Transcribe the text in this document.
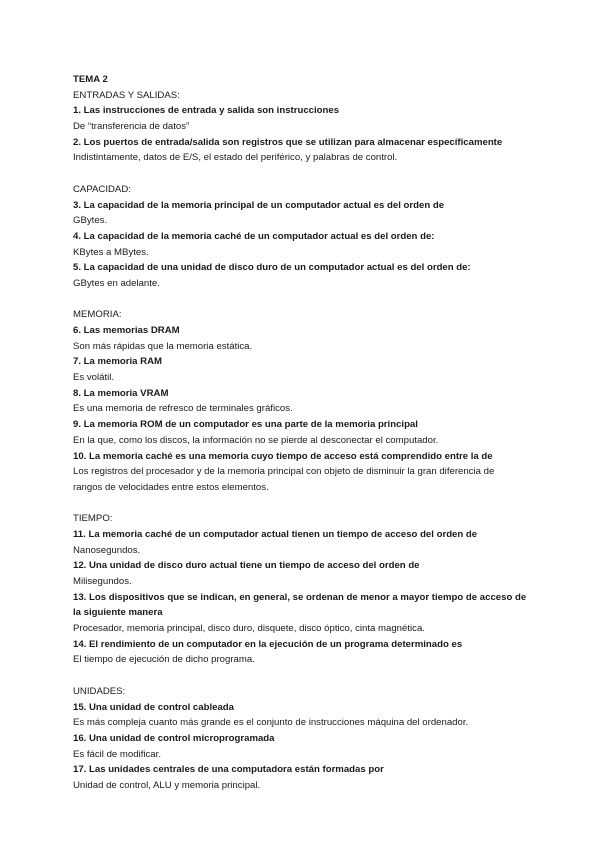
TEMA 2
ENTRADAS Y SALIDAS:
1. Las instrucciones de entrada y salida son instrucciones
De “transferencia de datos”
2. Los puertos de entrada/salida son registros que se utilizan para almacenar específicamente
Indistintamente, datos de E/S, el estado del periférico, y palabras de control.
CAPACIDAD:
3. La capacidad de la memoria principal de un computador actual es del orden de
GBytes.
4. La capacidad de la memoria caché de un computador actual es del orden de:
KBytes a MBytes.
5. La capacidad de una unidad de disco duro de un computador actual es del orden de:
GBytes en adelante.
MEMORIA:
6. Las memorias DRAM
Son más rápidas que la memoria estática.
7. La memoria RAM
Es volátil.
8. La memoria VRAM
Es una memoria de refresco de terminales gráficos.
9. La memoria ROM de un computador es una parte de la memoria principal
En la que, como los discos, la información no se pierde al desconectar el computador.
10. La memoria caché es una memoria cuyo tiempo de acceso está comprendido entre la de
Los registros del procesador y de la memoria principal con objeto de disminuir la gran diferencia de
rangos de velocidades entre estos elementos.
TIEMPO:
11. La memoria caché de un computador actual tienen un tiempo de acceso del orden de
Nanosegundos.
12. Una unidad de disco duro actual tiene un tiempo de acceso del orden de
Milisegundos.
13. Los dispositivos que se indican, en general, se ordenan de menor a mayor tiempo de acceso de
la siguiente manera
Procesador, memoria principal, disco duro, disquete, disco óptico, cinta magnética.
14. El rendimiento de un computador en la ejecución de un programa determinado es
El tiempo de ejecución de dicho programa.
UNIDADES:
15. Una unidad de control cableada
Es más compleja cuanto más grande es el conjunto de instrucciones máquina del ordenador.
16. Una unidad de control microprogramada
Es fácil de modificar.
17. Las unidades centrales de una computadora están formadas por
Unidad de control, ALU y memoria principal.
